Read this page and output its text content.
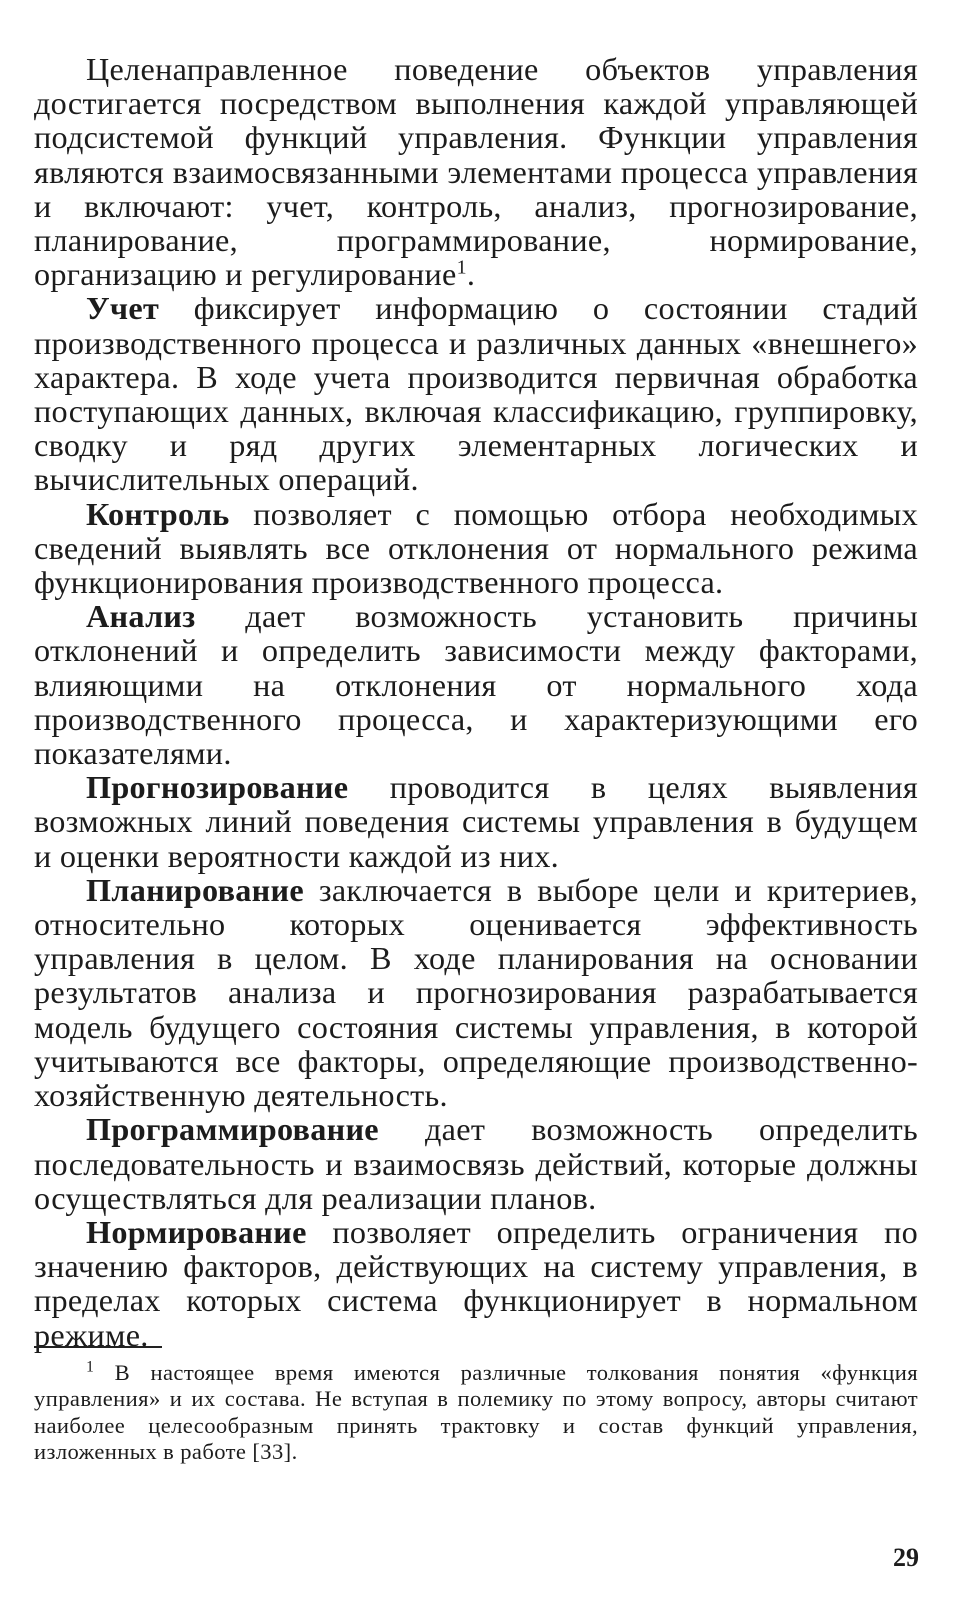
Целенаправленное поведение объектов управления достигается посредством выполнения каждой управляющей подсистемой функций управления. Функции управления являются взаимосвязанными элементами процесса управления и включают: учет, контроль, анализ, прогнозирование, планирование, программирование, нормирование, организацию и регулирование$^1$.

Учет фиксирует информацию о состоянии стадий производственного процесса и различных данных «внешнего» характера. В ходе учета производится первичная обработка поступающих данных, включая классификацию, группировку, сводку и ряд других элементарных логических и вычислительных операций.

Контроль позволяет с помощью отбора необходимых сведений выявлять все отклонения от нормального режима функционирования производственного процесса.

Анализ дает возможность установить причины отклонений и определить зависимости между факторами, влияющими на отклонения от нормального хода производственного процесса, и характеризующими его показателями.

Прогнозирование проводится в целях выявления возможных линий поведения системы управления в будущем и оценки вероятности каждой из них.

Планирование заключается в выборе цели и критериев, относительно которых оценивается эффективность управления в целом. В ходе планирования на основании результатов анализа и прогнозирования разрабатывается модель будущего состояния системы управления, в которой учитываются все факторы, определяющие производственно-хозяйственную деятельность.

Программирование дает возможность определить последовательность и взаимосвязь действий, которые должны осуществляться для реализации планов.

Нормирование позволяет определить ограничения по значению факторов, действующих на систему управления, в пределах которых система функционирует в нормальном режиме.

$^1$ В настоящее время имеются различные толкования понятия «функция управления» и их состава. Не вступая в полемику по этому вопросу, авторы считают наиболее целесообразным принять трактовку и состав функций управления, изложенных в работе [33].

29
